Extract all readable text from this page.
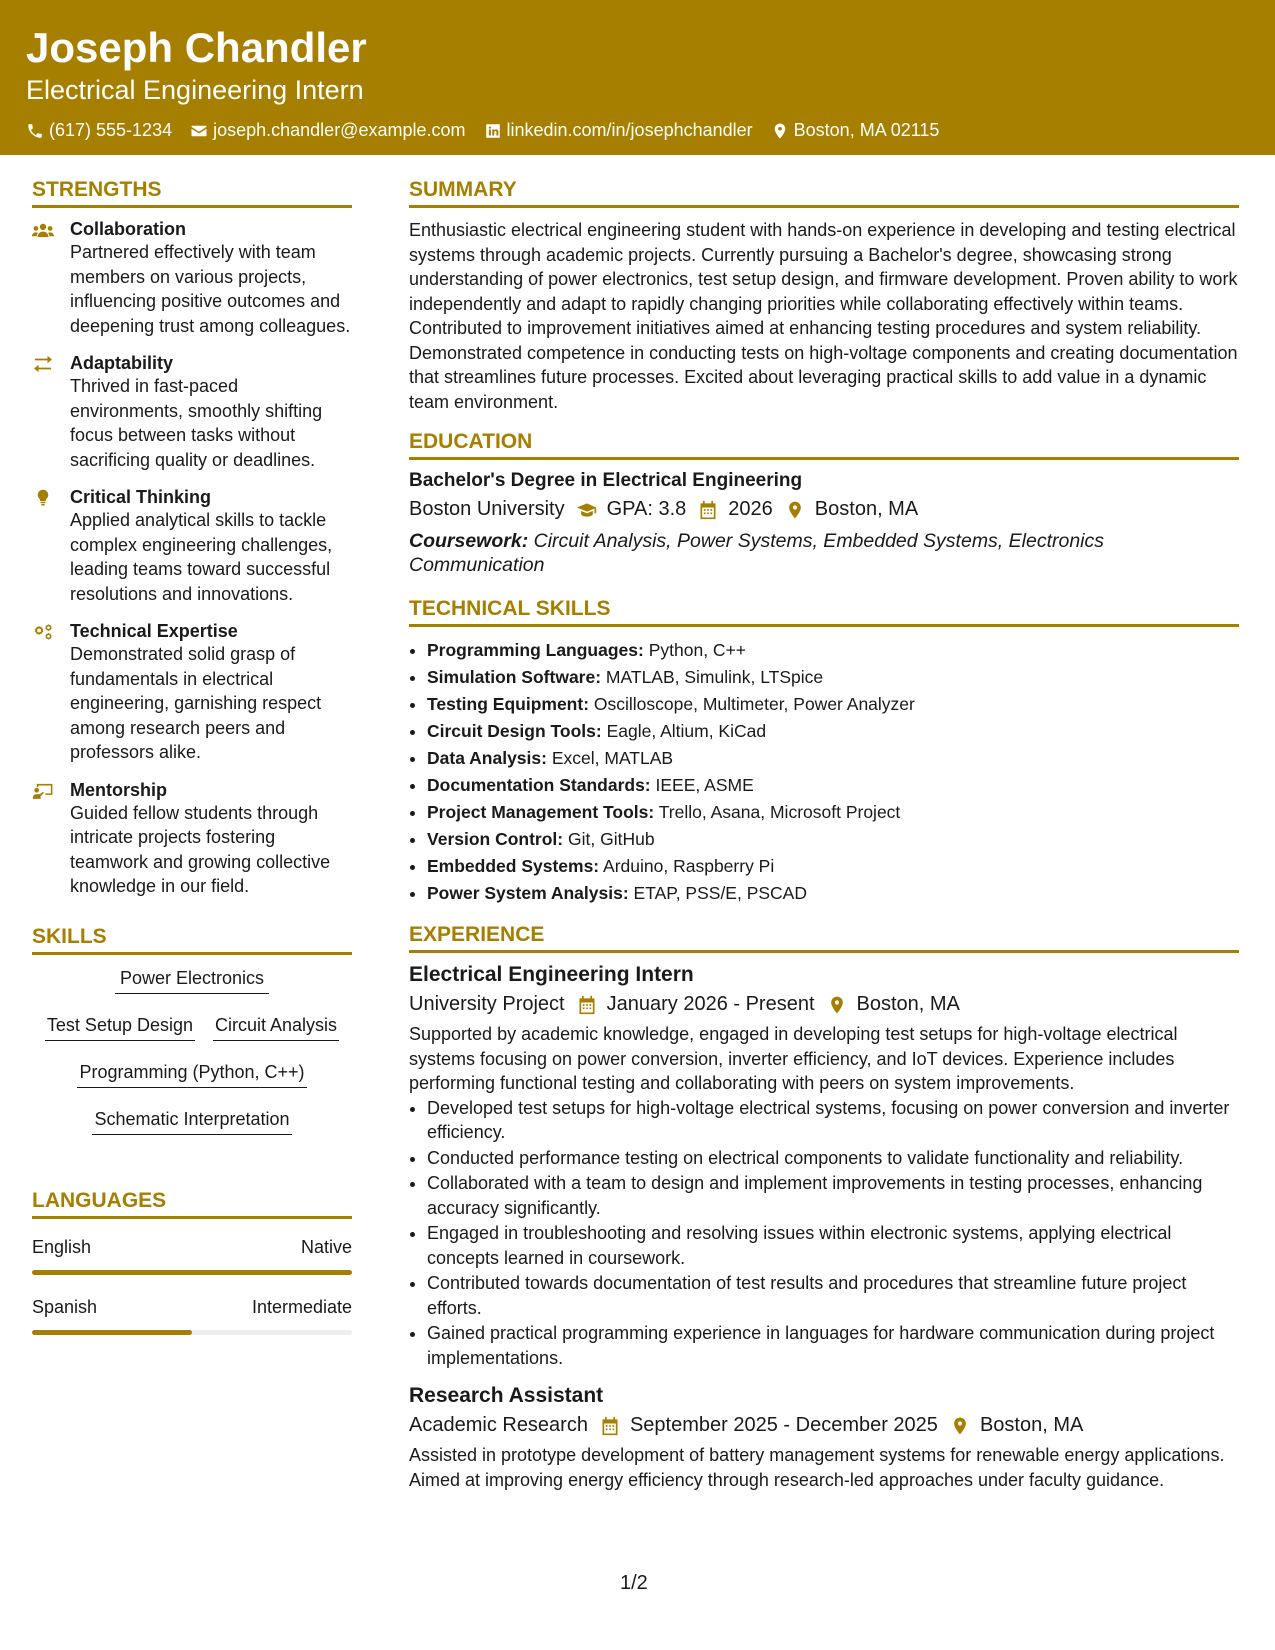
Joseph Chandler
Electrical Engineering Intern
(617) 555-1234 joseph.chandler@example.com linkedin.com/in/josephchandler Boston, MA 02115
STRENGTHS
Collaboration
Partnered effectively with team members on various projects, influencing positive outcomes and deepening trust among colleagues.
Adaptability
Thrived in fast-paced environments, smoothly shifting focus between tasks without sacrificing quality or deadlines.
Critical Thinking
Applied analytical skills to tackle complex engineering challenges, leading teams toward successful resolutions and innovations.
Technical Expertise
Demonstrated solid grasp of fundamentals in electrical engineering, garnishing respect among research peers and professors alike.
Mentorship
Guided fellow students through intricate projects fostering teamwork and growing collective knowledge in our field.
SKILLS
Power Electronics
Test Setup Design Circuit Analysis
Programming (Python, C++)
Schematic Interpretation
LANGUAGES
English	Native
Spanish	Intermediate
SUMMARY
Enthusiastic electrical engineering student with hands-on experience in developing and testing electrical systems through academic projects. Currently pursuing a Bachelor's degree, showcasing strong understanding of power electronics, test setup design, and firmware development. Proven ability to work independently and adapt to rapidly changing priorities while collaborating effectively within teams. Contributed to improvement initiatives aimed at enhancing testing procedures and system reliability. Demonstrated competence in conducting tests on high-voltage components and creating documentation that streamlines future processes. Excited about leveraging practical skills to add value in a dynamic team environment.
EDUCATION
Bachelor's Degree in Electrical Engineering
Boston University GPA: 3.8 2026 Boston, MA
Coursework: Circuit Analysis, Power Systems, Embedded Systems, Electronics Communication
TECHNICAL SKILLS
• Programming Languages: Python, C++
• Simulation Software: MATLAB, Simulink, LTSpice
• Testing Equipment: Oscilloscope, Multimeter, Power Analyzer
• Circuit Design Tools: Eagle, Altium, KiCad
• Data Analysis: Excel, MATLAB
• Documentation Standards: IEEE, ASME
• Project Management Tools: Trello, Asana, Microsoft Project
• Version Control: Git, GitHub
• Embedded Systems: Arduino, Raspberry Pi
• Power System Analysis: ETAP, PSS/E, PSCAD
EXPERIENCE
Electrical Engineering Intern
University Project January 2026 - Present Boston, MA
Supported by academic knowledge, engaged in developing test setups for high-voltage electrical systems focusing on power conversion, inverter efficiency, and IoT devices. Experience includes performing functional testing and collaborating with peers on system improvements.
• Developed test setups for high-voltage electrical systems, focusing on power conversion and inverter efficiency.
• Conducted performance testing on electrical components to validate functionality and reliability.
• Collaborated with a team to design and implement improvements in testing processes, enhancing accuracy significantly.
• Engaged in troubleshooting and resolving issues within electronic systems, applying electrical concepts learned in coursework.
• Contributed towards documentation of test results and procedures that streamline future project efforts.
• Gained practical programming experience in languages for hardware communication during project implementations.
Research Assistant
Academic Research September 2025 - December 2025 Boston, MA
Assisted in prototype development of battery management systems for renewable energy applications. Aimed at improving energy efficiency through research-led approaches under faculty guidance.
1/2
